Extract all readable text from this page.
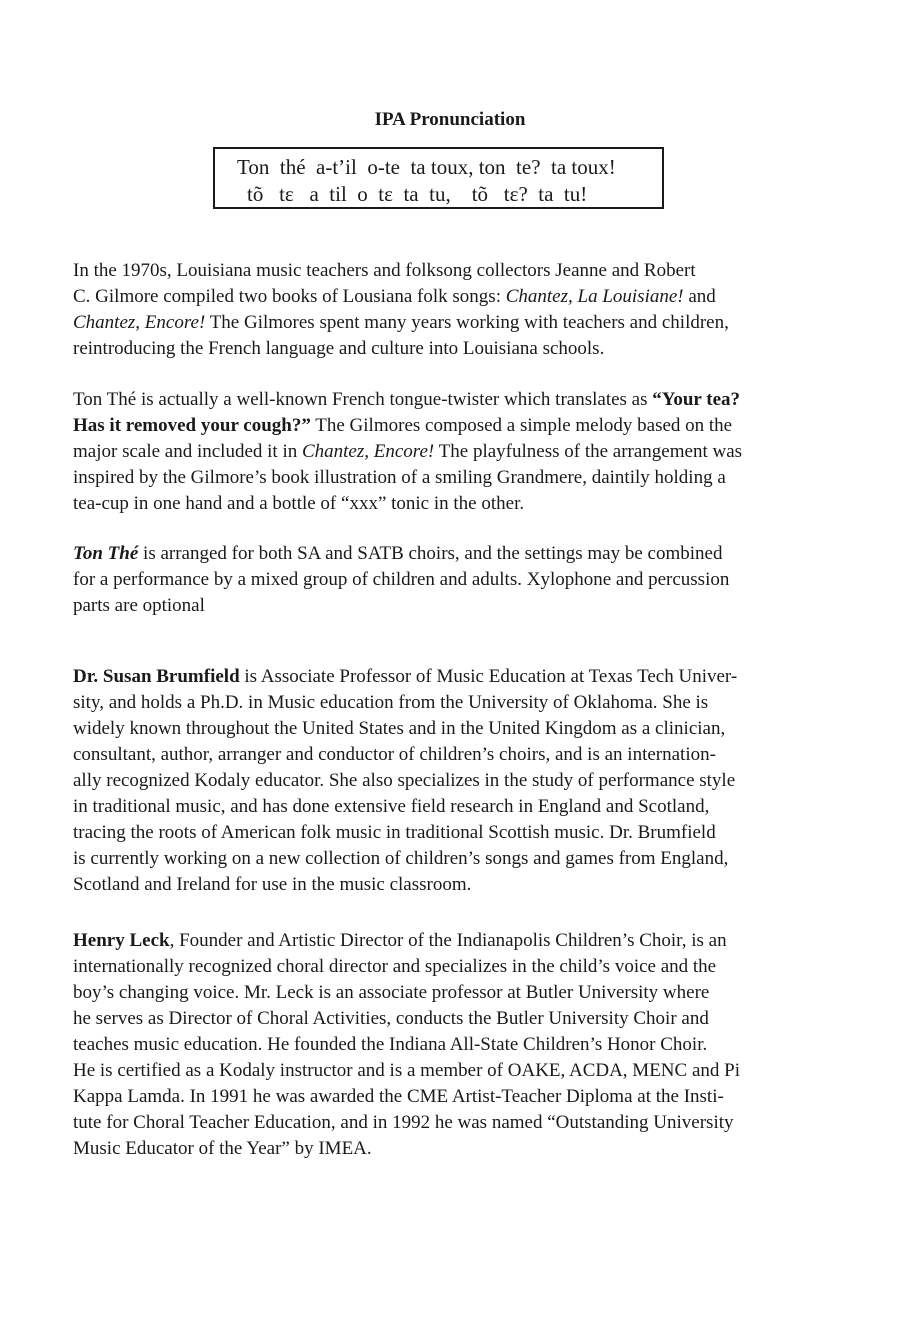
IPA Pronunciation
Ton  thé  a-t’il  o-te  ta toux, ton  te?  ta toux!
tõ   tɛ   a  til  o  tɛ  ta  tu,    tõ   tɛ?  ta  tu!

In the 1970s, Louisiana music teachers and folksong collectors Jeanne and Robert
C. Gilmore compiled two books of Lousiana folk songs: Chantez, La Louisiane! and
Chantez, Encore! The Gilmores spent many years working with teachers and children,
reintroducing the French language and culture into Louisiana schools.

Ton Thé is actually a well-known French tongue-twister which translates as “Your tea?
Has it removed your cough?” The Gilmores composed a simple melody based on the
major scale and included it in Chantez, Encore! The playfulness of the arrangement was
inspired by the Gilmore’s book illustration of a smiling Grandmere, daintily holding a
tea-cup in one hand and a bottle of “xxx” tonic in the other.

Ton Thé is arranged for both SA and SATB choirs, and the settings may be combined
for a performance by a mixed group of children and adults. Xylophone and percussion
parts are optional

Dr. Susan Brumfield is Associate Professor of Music Education at Texas Tech Univer-
sity, and holds a Ph.D. in Music education from the University of Oklahoma. She is
widely known throughout the United States and in the United Kingdom as a clinician,
consultant, author, arranger and conductor of children’s choirs, and is an internation-
ally recognized Kodaly educator. She also specializes in the study of performance style
in traditional music, and has done extensive field research in England and Scotland,
tracing the roots of American folk music in traditional Scottish music. Dr. Brumfield
is currently working on a new collection of children’s songs and games from England,
Scotland and Ireland for use in the music classroom.

Henry Leck, Founder and Artistic Director of the Indianapolis Children’s Choir, is an
internationally recognized choral director and specializes in the child’s voice and the
boy’s changing voice. Mr. Leck is an associate professor at Butler University where
he serves as Director of Choral Activities, conducts the Butler University Choir and
teaches music education. He founded the Indiana All-State Children’s Honor Choir.
He is certified as a Kodaly instructor and is a member of OAKE, ACDA, MENC and Pi
Kappa Lamda. In 1991 he was awarded the CME Artist-Teacher Diploma at the Insti-
tute for Choral Teacher Education, and in 1992 he was named “Outstanding University
Music Educator of the Year” by IMEA.
